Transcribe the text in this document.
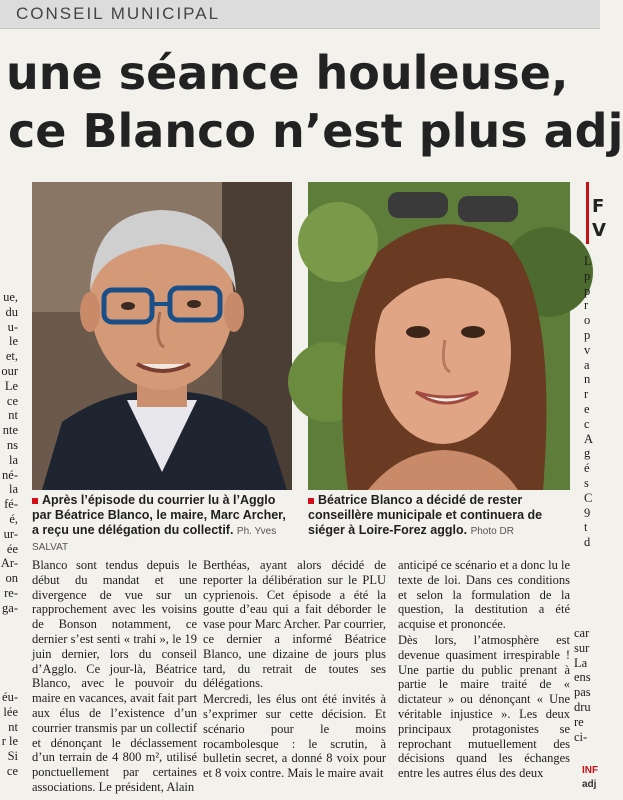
CONSEIL MUNICIPAL
une séance houleuse,
ce Blanco n’est plus adj
Après l’épisode du courrier lu à l’Agglo par Béatrice Blanco, le maire, Marc Archer, a reçu une délégation du collectif. Ph. Yves SALVAT
Béatrice Blanco a décidé de rester conseillère municipale et continuera de siéger à Loire-Forez agglo. Photo DR

Blanco sont tendus depuis le début du mandat et une divergence de vue sur un rapprochement avec les voisins de Bonson notamment, ce dernier s’est senti « trahi », le 19 juin dernier, lors du conseil d’Agglo. Ce jour-là, Béatrice Blanco, avec le pouvoir du maire en vacances, avait fait part aux élus de l’existence d’un courrier transmis par un collectif et dénonçant le déclassement d’un terrain de 4 800 m², utilisé ponctuellement par certaines associations. Le président, Alain

Berthéas, ayant alors décidé de reporter la délibération sur le PLU cyprienois. Cet épisode a été la goutte d’eau qui a fait déborder le vase pour Marc Archer. Par courrier, ce dernier a informé Béatrice Blanco, une dizaine de jours plus tard, du retrait de toutes ses délégations.

Mercredi, les élus ont été invités à s’exprimer sur cette décision. Et scénario pour le moins rocambolesque : le scrutin, à bulletin secret, a donné 8 voix pour et 8 voix contre. Mais le maire avait

anticipé ce scénario et a donc lu le texte de loi. Dans ces conditions et selon la formulation de la question, la destitution a été acquise et prononcée.

Dès lors, l’atmosphère est devenue quasiment irrespirable ! Une partie du public prenant à partie le maire traité de « dictateur » ou dénonçant « Une véritable injustice ». Les deux principaux protagonistes se reprochant mutuellement des décisions quand les échanges entre les autres élus des deux

ue,
du
u-
le
et,
our
Le
ce
nt
nte
ns
la
né-
la
fé-
é,
ur-
ée
Ar-
on
re-
ga-
éu-
lée
nt
r le
Si
ce
F
V
L
p
p
r
o
p
v
a
n
r
e
c
A
g
é
s
C
9
t
d
car
sur
La
ens
pas
dru
re
ci-
INF
adj
